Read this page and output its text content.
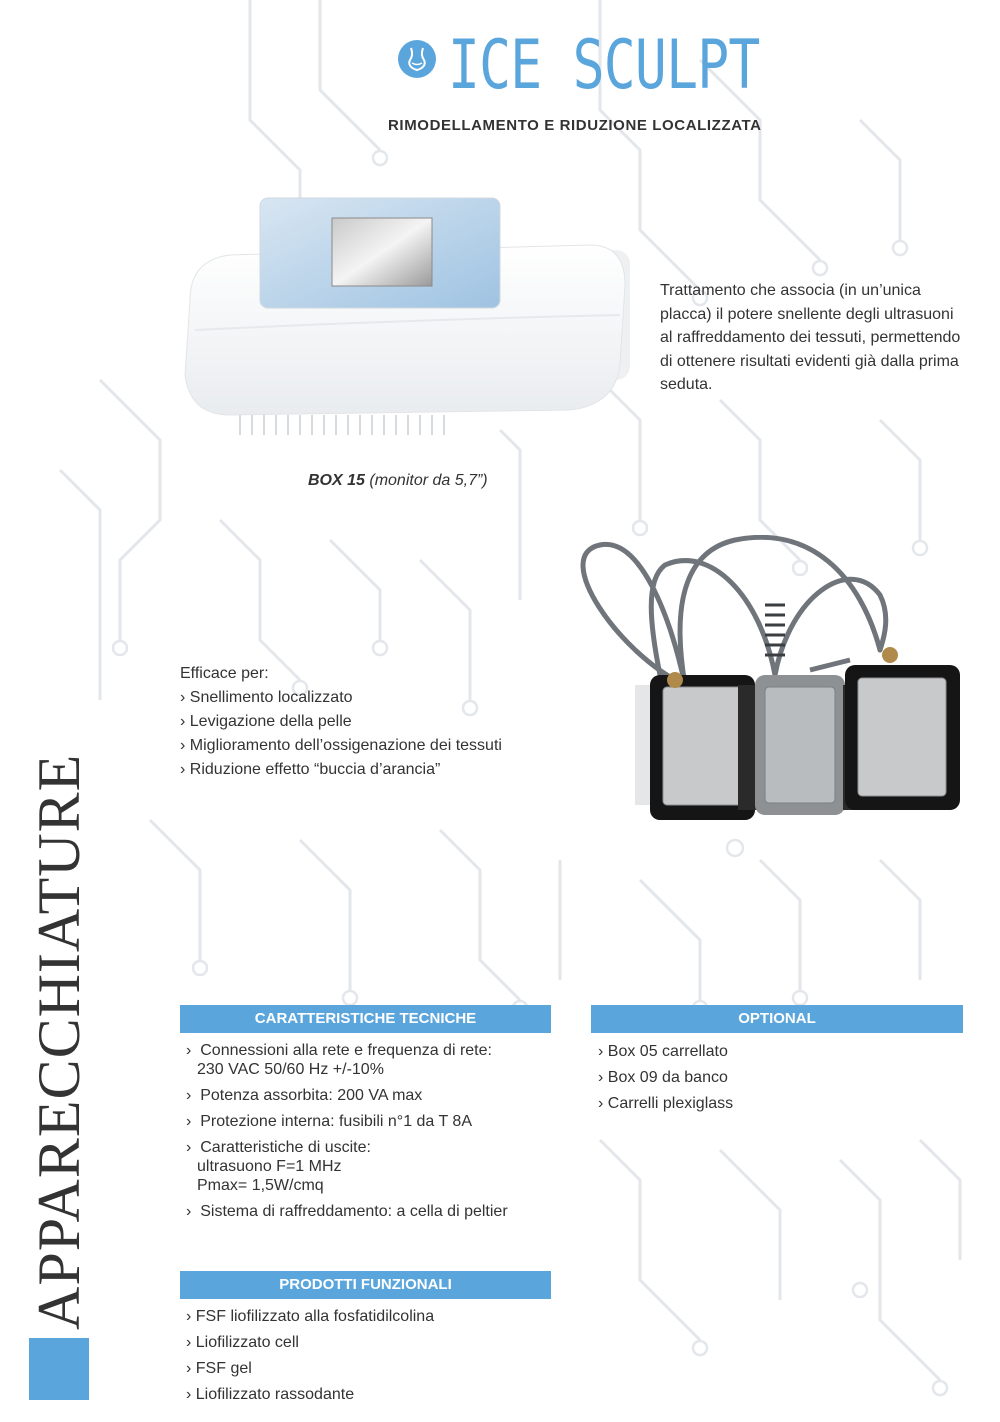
ICE SCULPT
RIMODELLAMENTO E RIDUZIONE LOCALIZZATA
BOX 15 (monitor da 5,7”)
Trattamento che associa (in un’unica placca) il potere snellente degli ultrasuoni al raffreddamento dei tessuti, permettendo di ottenere risultati evidenti già dalla prima seduta.
Efficace per:
› Snellimento localizzato
› Levigazione della pelle
› Miglioramento dell’ossigenazione dei tessuti
› Riduzione effetto “buccia d’arancia”
APPARECCHIATURE	CARATTERISTICHE TECNICHE
› Connessioni alla rete e frequenza di rete:
230 VAC 50/60 Hz +/-10%
› Potenza assorbita: 200 VA max
› Protezione interna: fusibili n°1 da T 8A
› Caratteristiche di uscite:
ultrasuono F=1 MHz
Pmax= 1,5W/cmq
› Sistema di raffreddamento: a cella di peltier
OPTIONAL
› Box 05 carrellato
› Box 09 da banco
› Carrelli plexiglass
PRODOTTI FUNZIONALI
› FSF liofilizzato alla fosfatidilcolina
› Liofilizzato cell
› FSF gel
› Liofilizzato rassodante
